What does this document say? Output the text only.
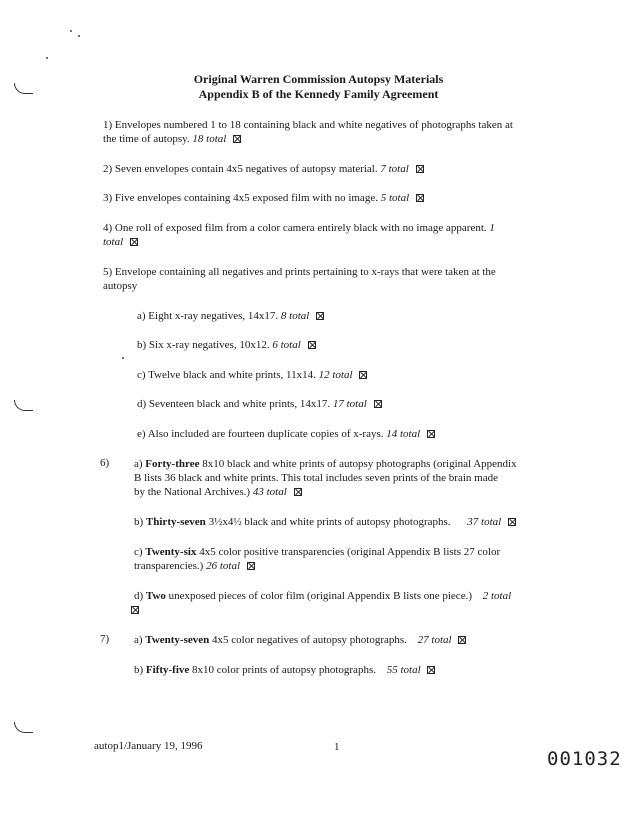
Original Warren Commission Autopsy Materials
Appendix B of the Kennedy Family Agreement
1) Envelopes numbered 1 to 18 containing black and white negatives of photographs taken at
the time of autopsy. 18 total
2) Seven envelopes contain 4x5 negatives of autopsy material. 7 total
3) Five envelopes containing 4x5 exposed film with no image. 5 total
4) One roll of exposed film from a color camera entirely black with no image apparent. 1
total
5) Envelope containing all negatives and prints pertaining to x-rays that were taken at the
autopsy
a) Eight x-ray negatives, 14x17. 8 total
b) Six x-ray negatives, 10x12. 6 total
c) Twelve black and white prints, 11x14. 12 total
d) Seventeen black and white prints, 14x17. 17 total
e) Also included are fourteen duplicate copies of x-rays. 14 total
6) a) Forty-three 8x10 black and white prints of autopsy photographs (original Appendix
B lists 36 black and white prints. This total includes seven prints of the brain made
by the National Archives.) 43 total
b) Thirty-seven 3½x4½ black and white prints of autopsy photographs. 37 total
c) Twenty-six 4x5 color positive transparencies (original Appendix B lists 27 color
transparencies.) 26 total
d) Two unexposed pieces of color film (original Appendix B lists one piece.) 2 total
7) a) Twenty-seven 4x5 color negatives of autopsy photographs. 27 total
b) Fifty-five 8x10 color prints of autopsy photographs. 55 total
autop1/January 19, 1996	1
001032
